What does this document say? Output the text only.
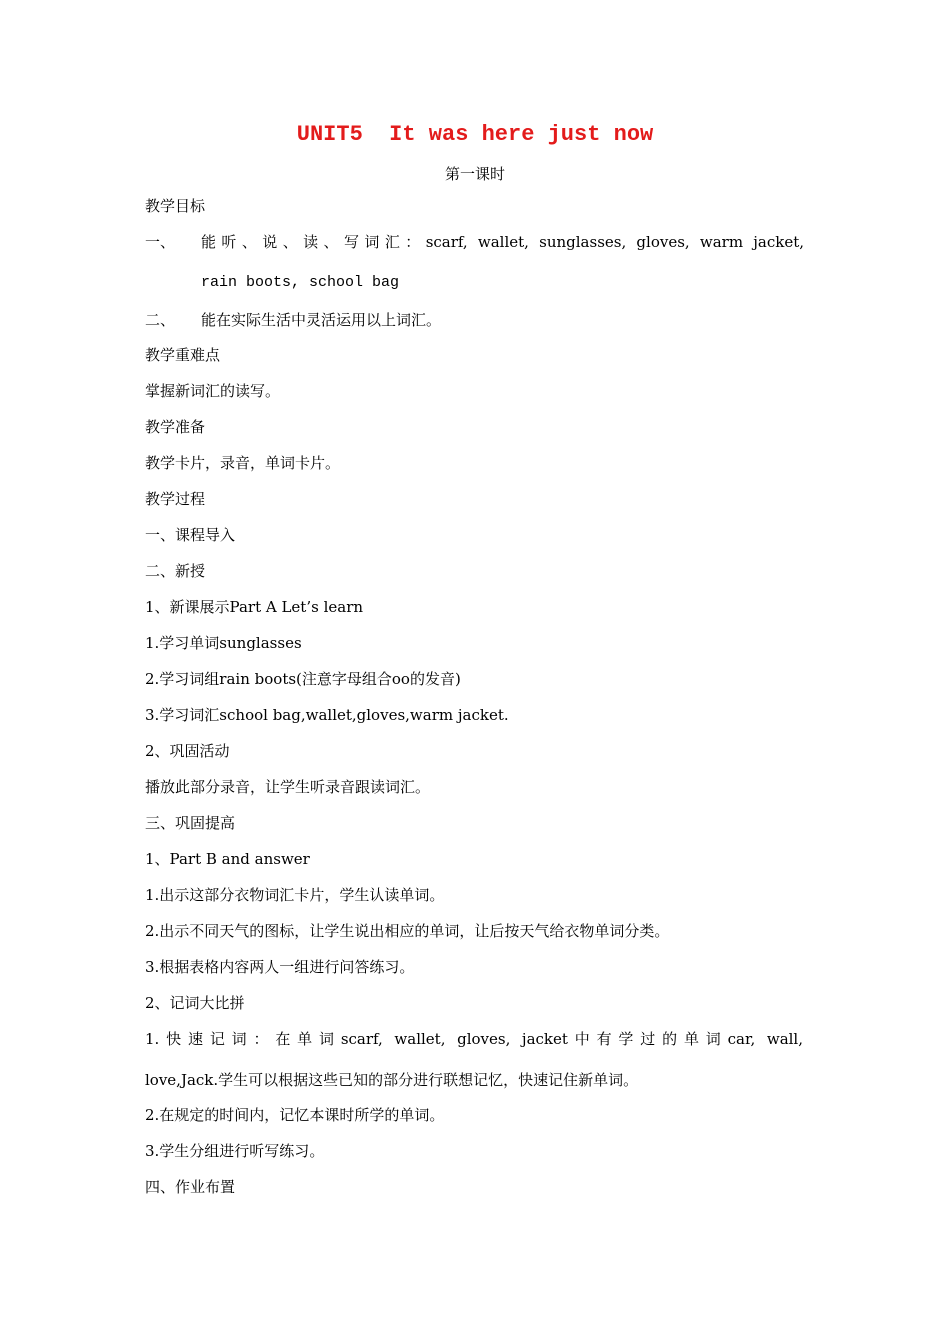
UNIT5  It was here just now
第一课时
教学目标
一、 能听、说、读、写词汇：scarf, wallet, sunglasses, gloves, warm jacket,
rain boots, school bag
二、 能在实际生活中灵活运用以上词汇。
教学重难点
掌握新词汇的读写。
教学准备
教学卡片，录音，单词卡片。
教学过程
一、课程导入
二、新授
1、新课展示Part A Let’s learn
1.学习单词sunglasses
2.学习词组rain boots(注意字母组合oo的发音)
3.学习词汇school bag,wallet,gloves,warm jacket.
2、巩固活动
播放此部分录音，让学生听录音跟读词汇。
三、巩固提高
1、Part B and answer
1.出示这部分衣物词汇卡片，学生认读单词。
2.出示不同天气的图标，让学生说出相应的单词，让后按天气给衣物单词分类。
3.根据表格内容两人一组进行问答练习。
2、记词大比拼
1.快速记词：在单词scarf, wallet, gloves, jacket中有学过的单词car, wall,
love,Jack.学生可以根据这些已知的部分进行联想记忆，快速记住新单词。
2.在规定的时间内，记忆本课时所学的单词。
3.学生分组进行听写练习。
四、作业布置
